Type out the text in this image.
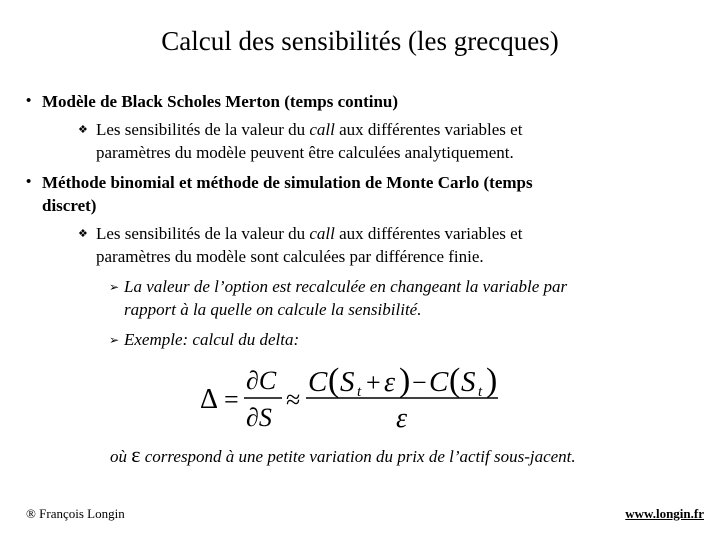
Calcul des sensibilités (les grecques)
• Modèle de Black Scholes Merton (temps continu)
❖ Les sensibilités de la valeur du call aux différentes variables et
paramètres du modèle peuvent être calculées analytiquement.
• Méthode binomial et méthode de simulation de Monte Carlo (temps
discret)
❖ Les sensibilités de la valeur du call aux différentes variables et
paramètres du modèle sont calculées par différence finie.
➢ La valeur de l’option est recalculée en changeant la variable par
rapport à la quelle on calcule la sensibilité.
➢ Exemple: calcul du delta:
Δ =
∂C
∂S
≈
C ( S t + ε ) − C ( S t )
ε
où ε correspond à une petite variation du prix de l’actif sous-jacent.
® François Longin	www.longin.fr
